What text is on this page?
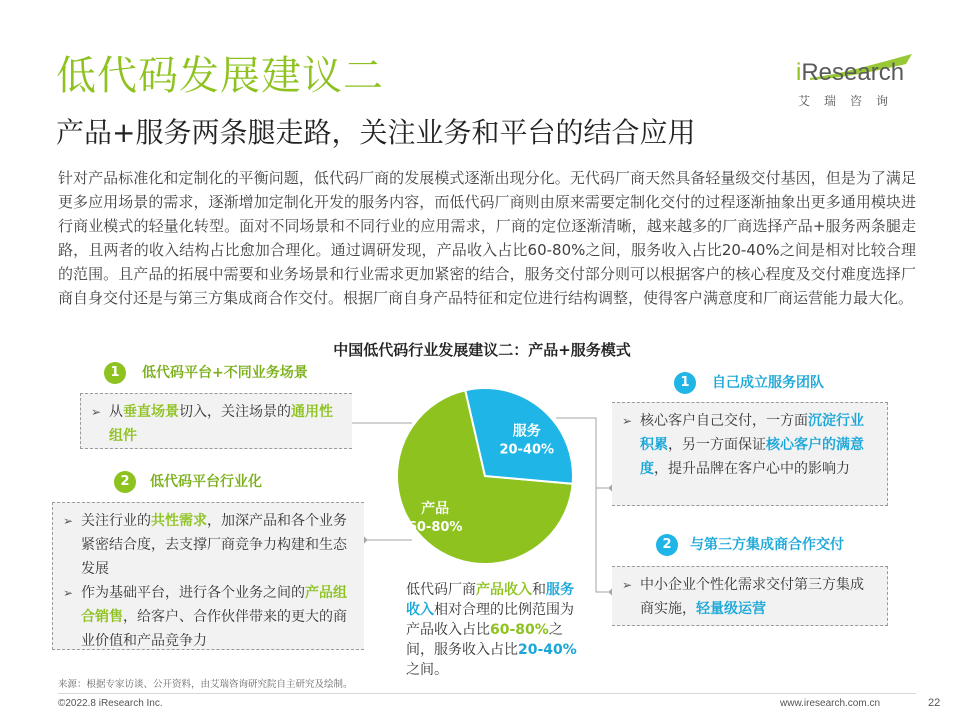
低代码发展建议二
产品+服务两条腿走路，关注业务和平台的结合应用
iResearch
艾瑞咨询
针对产品标准化和定制化的平衡问题，低代码厂商的发展模式逐渐出现分化。无代码厂商天然具备轻量级交付基因，但是为了满足更多应用场景的需求，逐渐增加定制化开发的服务内容，而低代码厂商则由原来需要定制化交付的过程逐渐抽象出更多通用模块进行商业模式的轻量化转型。面对不同场景和不同行业的应用需求，厂商的定位逐渐清晰，越来越多的厂商选择产品+服务两条腿走路，且两者的收入结构占比愈加合理化。通过调研发现，产品收入占比60-80%之间，服务收入占比20-40%之间是相对比较合理的范围。且产品的拓展中需要和业务场景和行业需求更加紧密的结合，服务交付部分则可以根据客户的核心程度及交付难度选择厂商自身交付还是与第三方集成商合作交付。根据厂商自身产品特征和定位进行结构调整，使得客户满意度和厂商运营能力最大化。
中国低代码行业发展建议二：产品+服务模式
产品
60-80%
服务
20-40%
1	低代码平台+不同业务场景
➢ 从垂直场景切入，关注场景的通用性组件
2	低代码平台行业化
➢ 关注行业的共性需求，加深产品和各个业务紧密结合度，去支撑厂商竞争力构建和生态发展
➢ 作为基础平台，进行各个业务之间的产品组合销售，给客户、合作伙伴带来的更大的商业价值和产品竞争力
1	自己成立服务团队
➢ 核心客户自己交付，一方面沉淀行业积累，另一方面保证核心客户的满意度，提升品牌在客户心中的影响力
2	与第三方集成商合作交付
➢ 中小企业个性化需求交付第三方集成商实施，轻量级运营
低代码厂商产品收入和服务收入相对合理的比例范围为产品收入占比60-80%之间，服务收入占比20-40%之间。
来源：根据专家访谈、公开资料，由艾瑞咨询研究院自主研究及绘制。
©2022.8 iResearch Inc.	www.iresearch.com.cn	22
